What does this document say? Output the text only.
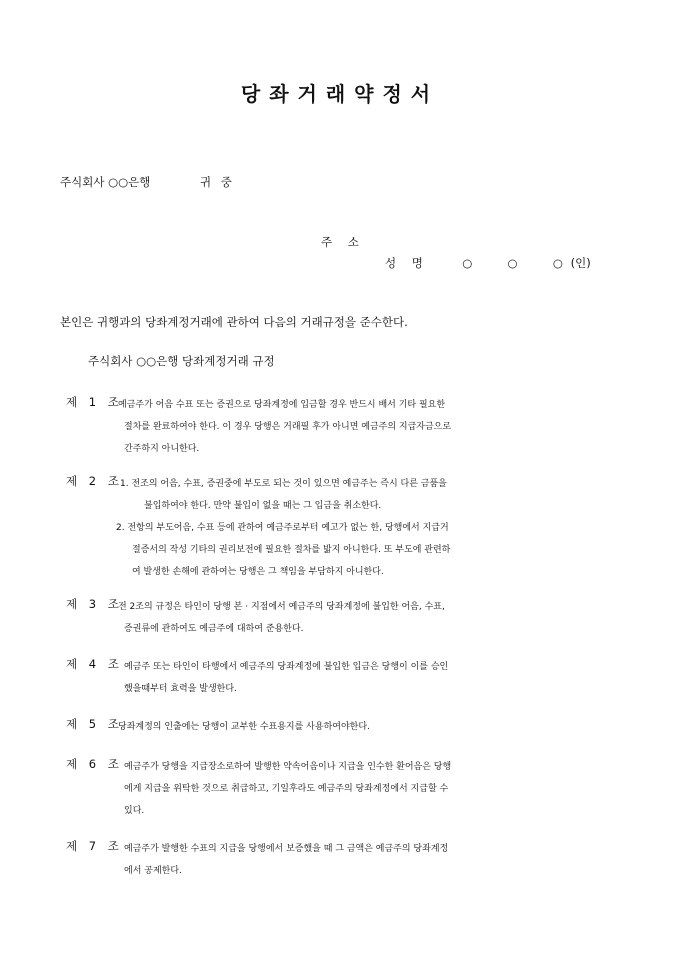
당좌거래약정서
주식회사 ○○은행	귀 중
주 소
성 명	○	○	○ (인)
본인은 귀행과의 당좌계정거래에 관하여 다음의 거래규정을 준수한다.
주식회사 ○○은행 당좌계정거래 규정
제 1 조
예금주가 어음 수표 또는 증권으로 당좌계정에 입금할 경우 반드시 배서 기타 필요한
절차를 완료하여야 한다. 이 경우 당행은 거래필 후가 아니면 예금주의 지급자금으로
간주하지 아니한다.
제 2 조
1. 전조의 어음, 수표, 증권중에 부도로 되는 것이 있으면 예금주는 즉시 다른 금품을
불입하여야 한다. 만약 불입이 없을 때는 그 입금을 취소한다.
2. 전항의 부도어음, 수표 등에 관하여 예금주로부터 예고가 없는 한, 당행에서 지급거
절증서의 작성 기타의 권리보전에 필요한 절차를 밟지 아니한다. 또 부도에 관련하
여 발생한 손해에 관하여는 당행은 그 책임을 부담하지 아니한다.
제 3 조
전 2조의 규정은 타인이 당행 본 · 지점에서 예금주의 당좌계정에 불입한 어음, 수표,
증권류에 관하여도 예금주에 대하여 준용한다.
제 4 조 예금주 또는 타인이 타행에서 예금주의 당좌계정에 불입한 입금은 당행이 이를 승인
했을때부터 효력을 발생한다.
제 5 조
당좌계정의 인출에는 당행이 교부한 수표용지를 사용하여야한다.
제 6 조 예금주가 당행을 지급장소로하여 발행한 약속어음이나 지급을 인수한 환어음은 당행
에게 지급을 위탁한 것으로 취급하고, 기일후라도 예금주의 당좌계정에서 지급할 수
있다.
제 7 조 예금주가 발행한 수표의 지급을 당행에서 보증했을 때 그 금액은 예금주의 당좌계정
에서 공제한다.
